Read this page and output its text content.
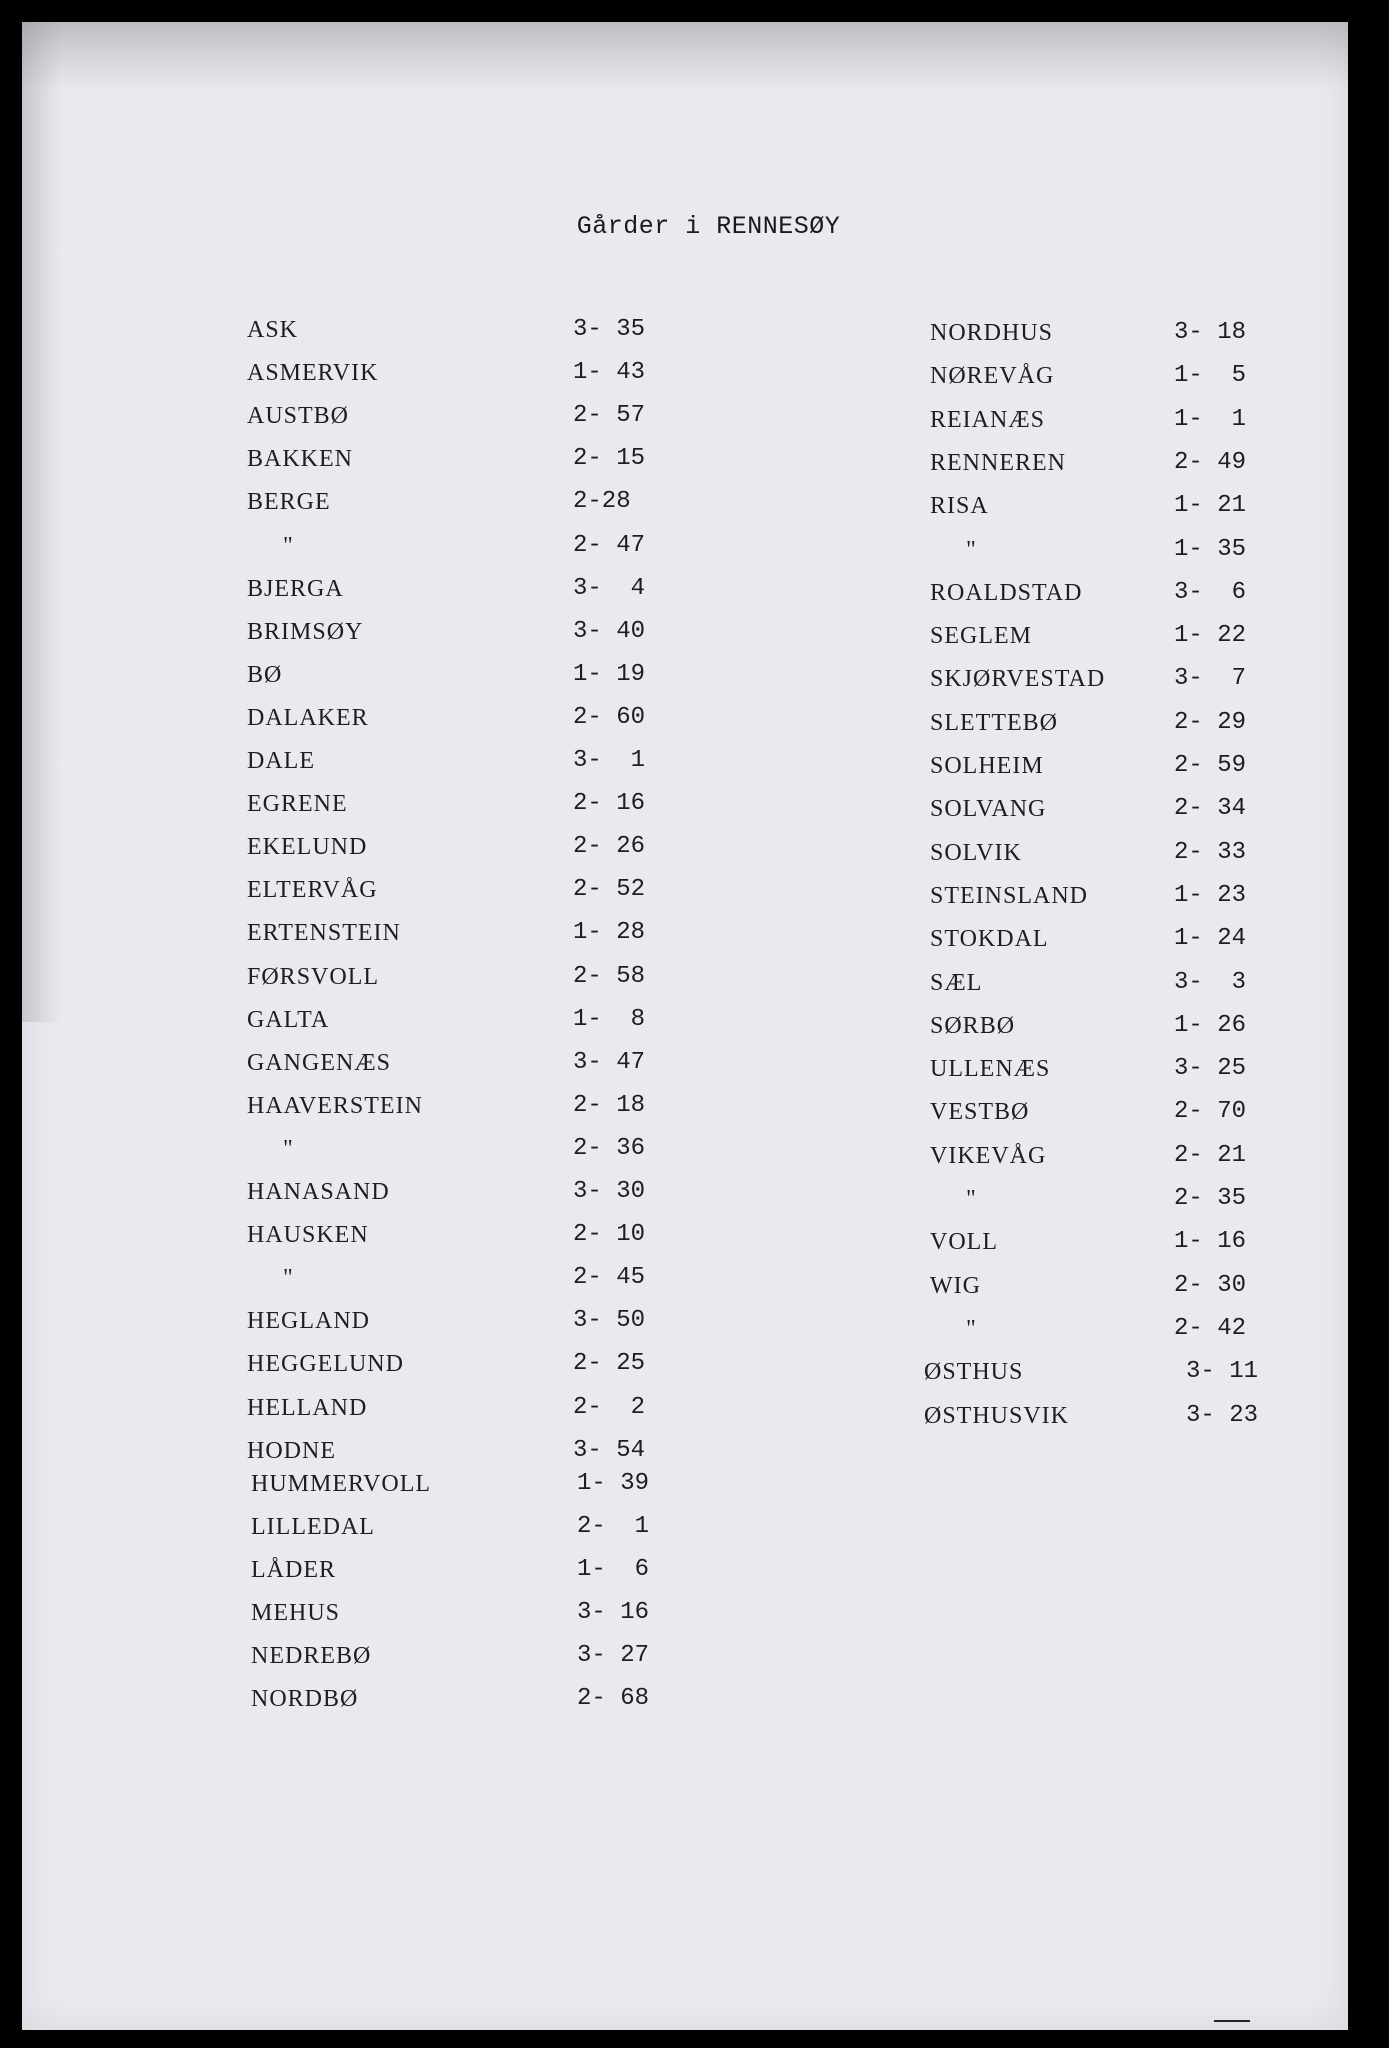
Gårder i RENNESØY
ASK	3- 35
ASMERVIK	1- 43
AUSTBØ	2- 57
BAKKEN	2- 15
BERGE	2-28
"	2- 47
BJERGA	3-  4
BRIMSØY	3- 40
BØ	1- 19
DALAKER	2- 60
DALE	3-  1
EGRENE	2- 16
EKELUND	2- 26
ELTERVÅG	2- 52
ERTENSTEIN	1- 28
FØRSVOLL	2- 58
GALTA	1-  8
GANGENÆS	3- 47
HAAVERSTEIN	2- 18
"	2- 36
HANASAND	3- 30
HAUSKEN	2- 10
"	2- 45
HEGLAND	3- 50
HEGGELUND	2- 25
HELLAND	2-  2
HODNE	3- 54
HUMMERVOLL	1- 39
LILLEDAL	2-  1
LÅDER	1-  6
MEHUS	3- 16
NEDREBØ	3- 27
NORDBØ	2- 68
NORDHUS	3- 18
NØREVÅG	1-  5
REIANÆS	1-  1
RENNEREN	2- 49
RISA	1- 21
"	1- 35
ROALDSTAD	3-  6
SEGLEM	1- 22
SKJØRVESTAD	3-  7
SLETTEBØ	2- 29
SOLHEIM	2- 59
SOLVANG	2- 34
SOLVIK	2- 33
STEINSLAND	1- 23
STOKDAL	1- 24
SÆL	3-  3
SØRBØ	1- 26
ULLENÆS	3- 25
VESTBØ	2- 70
VIKEVÅG	2- 21
"	2- 35
VOLL	1- 16
WIG	2- 30
"	2- 42
ØSTHUS	3- 11
ØSTHUSVIK	3- 23
